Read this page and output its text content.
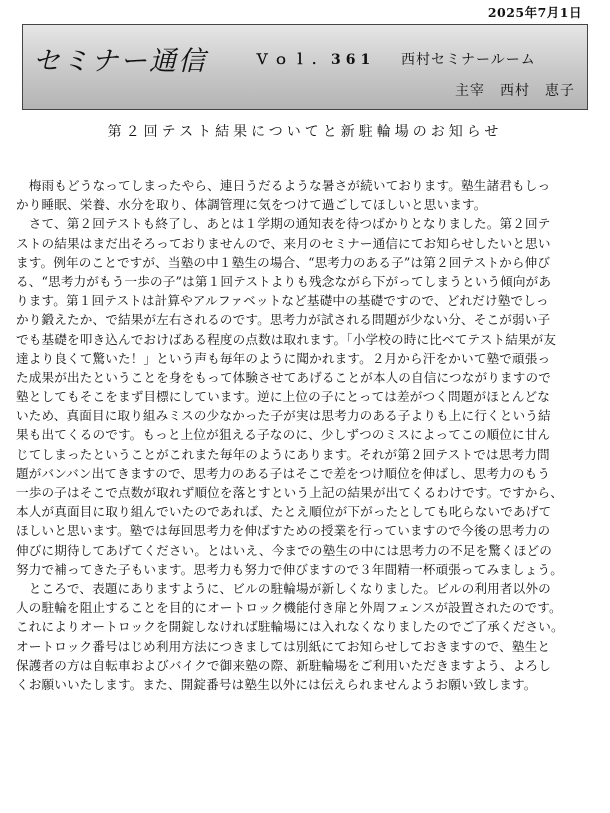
2025年7月1日
セミナー通信	Ｖｏｌ．361 西村セミナールーム
主宰　西村　恵子
第２回テスト結果についてと新駐輪場のお知らせ
　梅雨もどうなってしまったやら、連日うだるような暑さが続いております。塾生諸君もしっ
かり睡眠、栄養、水分を取り、体調管理に気をつけて過ごしてほしいと思います。
　さて、第２回テストも終了し、あとは１学期の通知表を待つばかりとなりました。第２回テ
ストの結果はまだ出そろっておりませんので、来月のセミナー通信にてお知らせしたいと思い
ます。例年のことですが、当塾の中１塾生の場合、“思考力のある子”は第２回テストから伸び
る、“思考力がもう一歩の子”は第１回テストよりも残念ながら下がってしまうという傾向があ
ります。第１回テストは計算やアルファベットなど基礎中の基礎ですので、どれだけ塾でしっ
かり鍛えたか、で結果が左右されるのです。思考力が試される問題が少ない分、そこが弱い子
でも基礎を叩き込んでおけばある程度の点数は取れます。「小学校の時に比べてテスト結果が友
達より良くて驚いた！」という声も毎年のように聞かれます。２月から汗をかいて塾で頑張っ
た成果が出たということを身をもって体験させてあげることが本人の自信につながりますので
塾としてもそこをまず目標にしています。逆に上位の子にとっては差がつく問題がほとんどな
いため、真面目に取り組みミスの少なかった子が実は思考力のある子よりも上に行くという結
果も出てくるのです。もっと上位が狙える子なのに、少しずつのミスによってこの順位に甘ん
じてしまったということがこれまた毎年のようにあります。それが第２回テストでは思考力問
題がバンバン出てきますので、思考力のある子はそこで差をつけ順位を伸ばし、思考力のもう
一歩の子はそこで点数が取れず順位を落とすという上記の結果が出てくるわけです。ですから、
本人が真面目に取り組んでいたのであれば、たとえ順位が下がったとしても叱らないであげて
ほしいと思います。塾では毎回思考力を伸ばすための授業を行っていますので今後の思考力の
伸びに期待してあげてください。とはいえ、今までの塾生の中には思考力の不足を驚くほどの
努力で補ってきた子もいます。思考力も努力で伸びますので３年間精一杯頑張ってみましょう。
　ところで、表題にありますように、ビルの駐輪場が新しくなりました。ビルの利用者以外の
人の駐輪を阻止することを目的にオートロック機能付き扉と外周フェンスが設置されたのです。
これによりオートロックを開錠しなければ駐輪場には入れなくなりましたのでご了承ください。
オートロック番号はじめ利用方法につきましては別紙にてお知らせしておきますので、塾生と
保護者の方は自転車およびバイクで御来塾の際、新駐輪場をご利用いただきますよう、よろし
くお願いいたします。また、開錠番号は塾生以外には伝えられませんようお願い致します。
